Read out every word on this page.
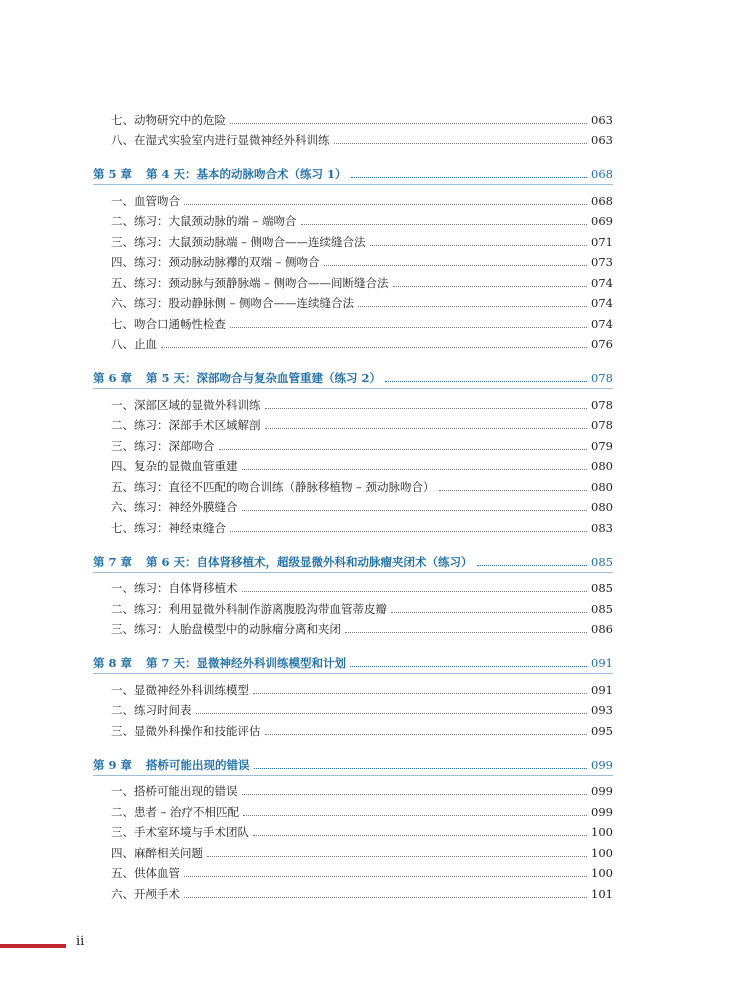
七、动物研究中的危险	063
八、在湿式实验室内进行显微神经外科训练	063
第 5 章 第 4 天：基本的动脉吻合术（练习 1）	068
一、血管吻合	068
二、练习：大鼠颈动脉的端 – 端吻合	069
三、练习：大鼠颈动脉端 – 侧吻合——连续缝合法	071
四、练习：颈动脉动脉襻的双端 – 侧吻合	073
五、练习：颈动脉与颈静脉端 – 侧吻合——间断缝合法	074
六、练习：股动静脉侧 – 侧吻合——连续缝合法	074
七、吻合口通畅性检查	074
八、止血	076
第 6 章 第 5 天：深部吻合与复杂血管重建（练习 2）	078
一、深部区域的显微外科训练	078
二、练习：深部手术区域解剖	078
三、练习：深部吻合	079
四、复杂的显微血管重建	080
五、练习：直径不匹配的吻合训练（静脉移植物 – 颈动脉吻合）	080
六、练习：神经外膜缝合	080
七、练习：神经束缝合	083
第 7 章 第 6 天：自体肾移植术，超级显微外科和动脉瘤夹闭术（练习）	085
一、练习：自体肾移植术	085
二、练习：利用显微外科制作游离腹股沟带血管蒂皮瓣	085
三、练习：人胎盘模型中的动脉瘤分离和夹闭	086
第 8 章 第 7 天：显微神经外科训练模型和计划	091
一、显微神经外科训练模型	091
二、练习时间表	093
三、显微外科操作和技能评估	095
第 9 章 搭桥可能出现的错误	099
一、搭桥可能出现的错误	099
二、患者 – 治疗不相匹配	099
三、手术室环境与手术团队	100
四、麻醉相关问题	100
五、供体血管	100
六、开颅手术	101
ii
